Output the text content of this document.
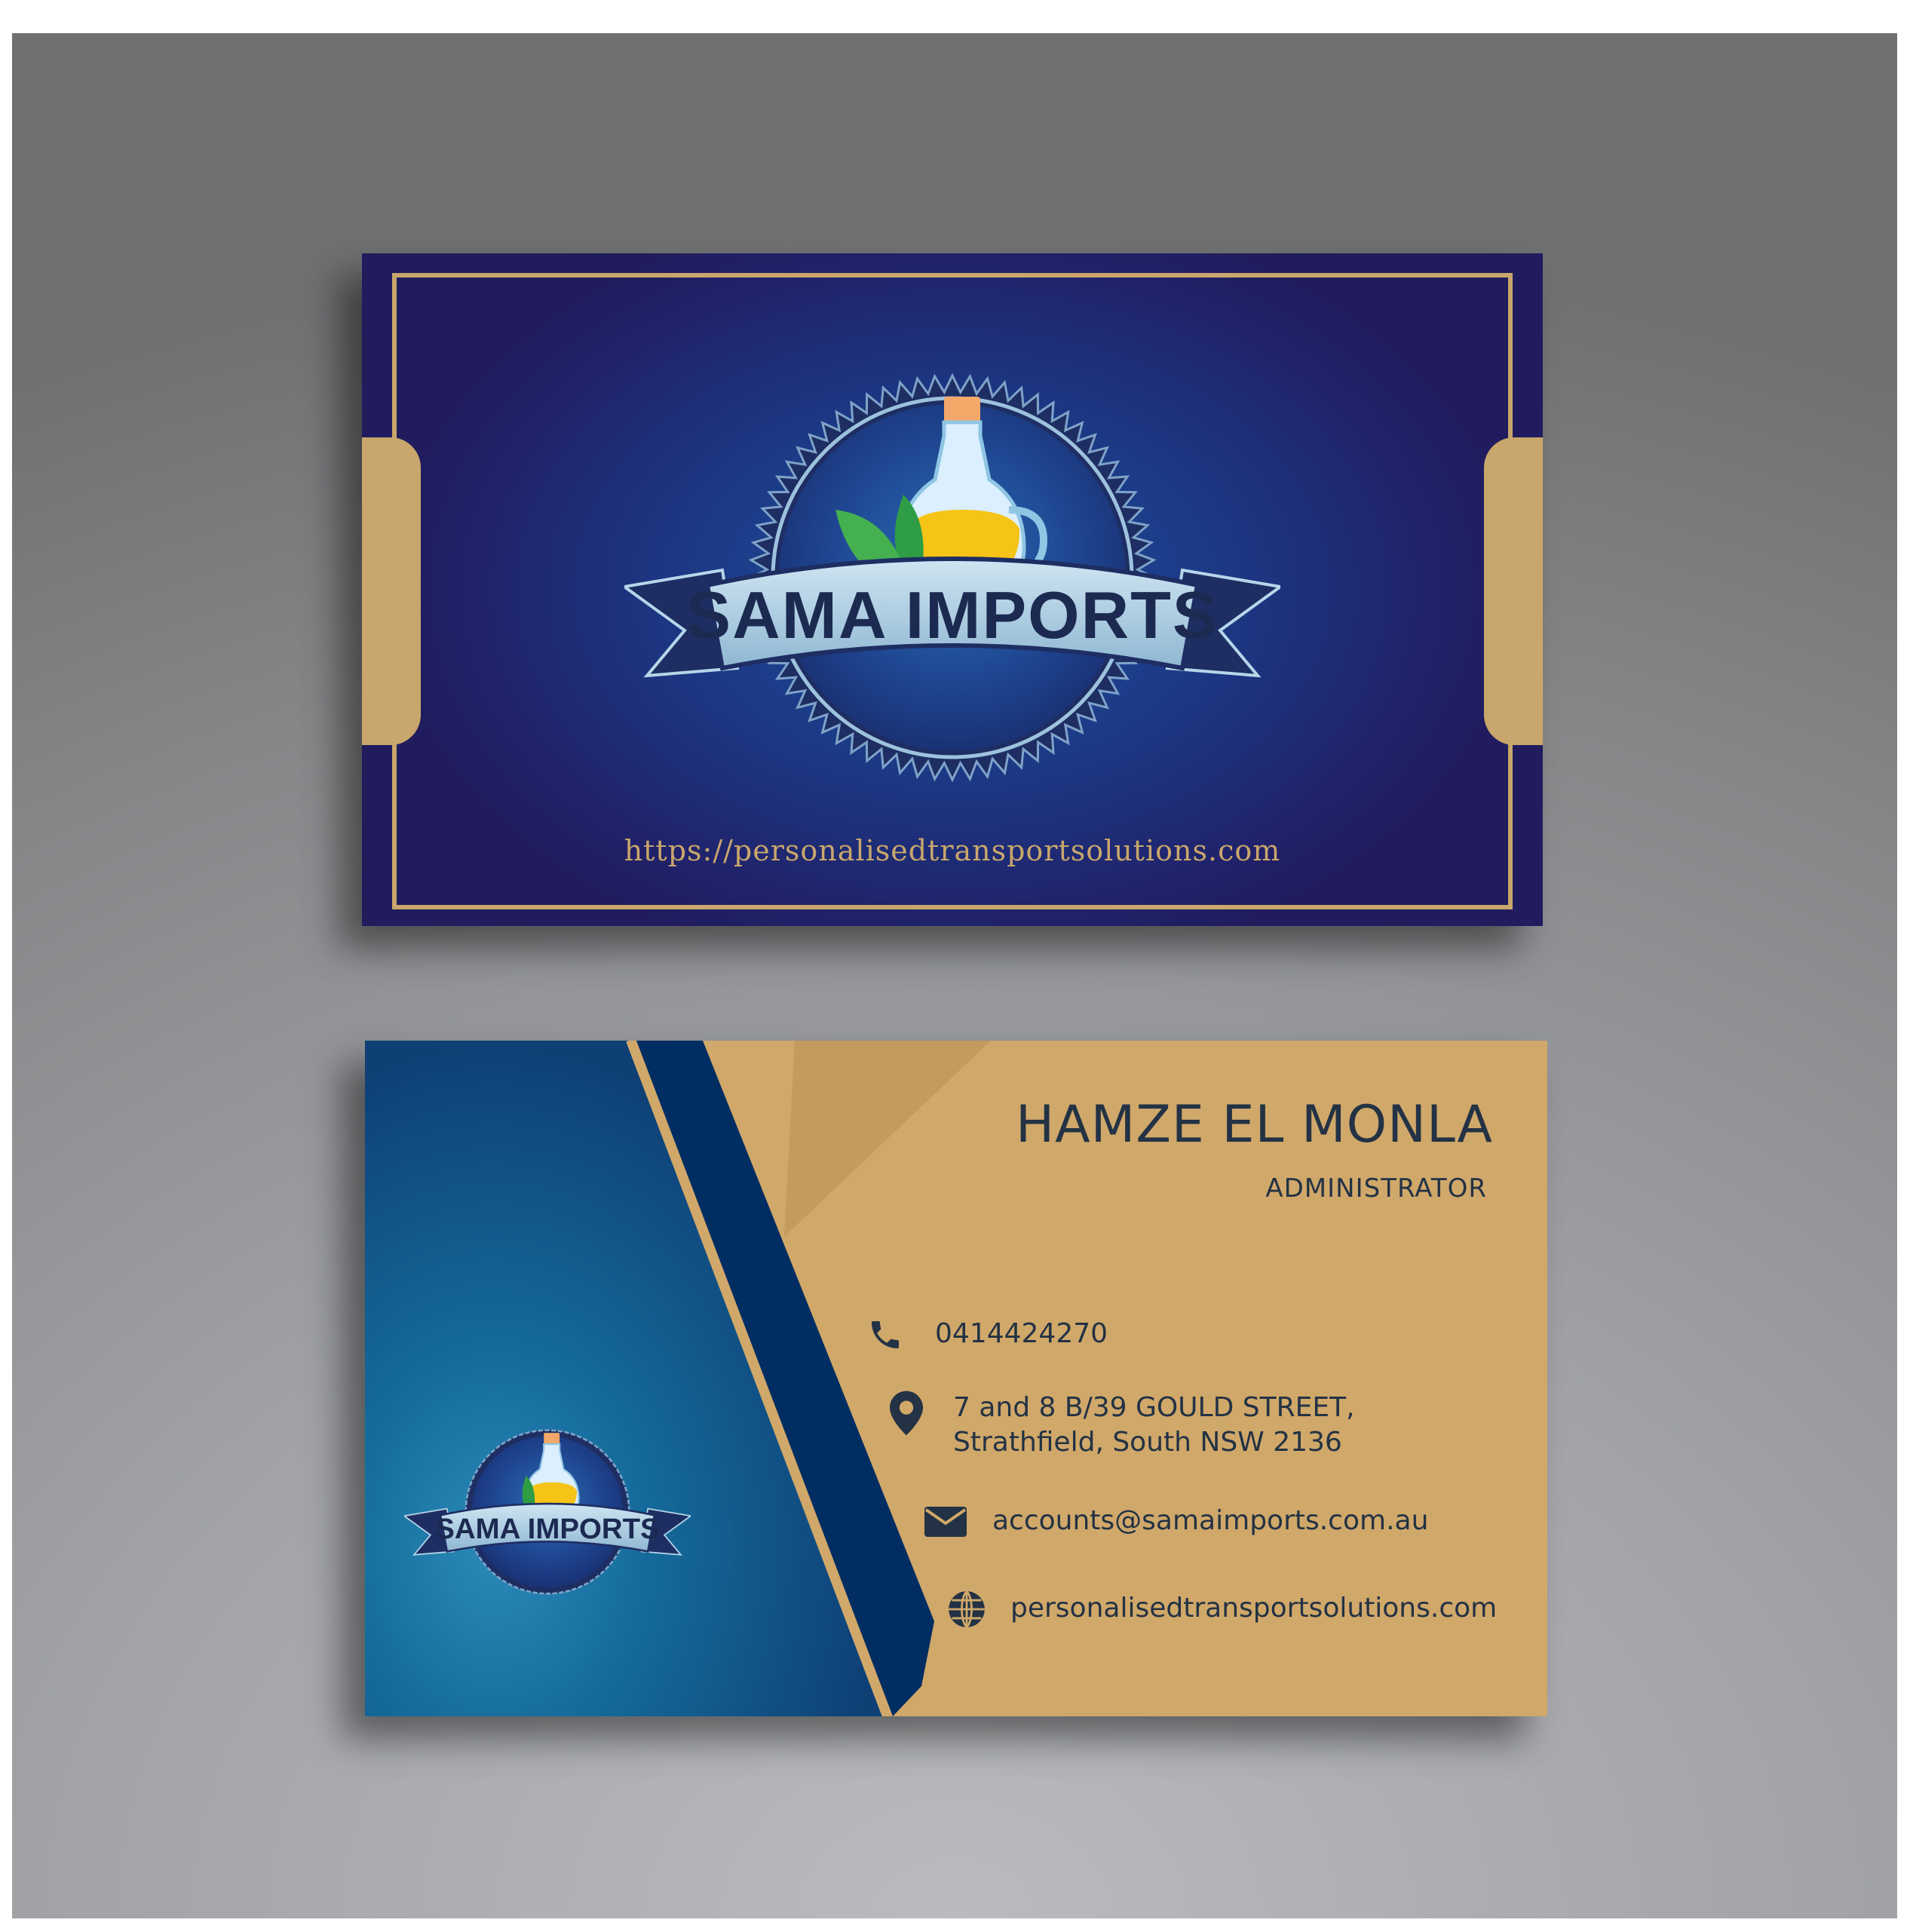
SAMA IMPORTS
https://personalisedtransportsolutions.com
SAMA IMPORTS
HAMZE EL MONLA
ADMINISTRATOR
0414424270
7 and 8 B/39 GOULD STREET,
Strathfield, South NSW 2136
accounts@samaimports.com.au
personalisedtransportsolutions.com
